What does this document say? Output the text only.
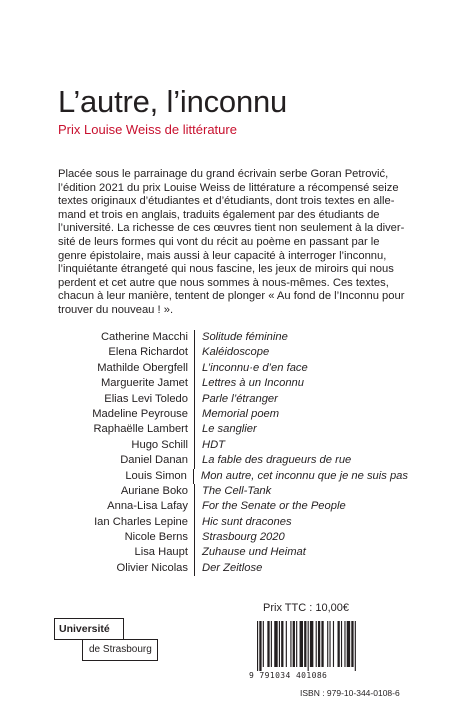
L’autre, l’inconnu
Prix Louise Weiss de littérature
Placée sous le parrainage du grand écrivain serbe Goran Petrović,
l’édition 2021 du prix Louise Weiss de littérature a récompensé seize
textes originaux d’étudiantes et d’étudiants, dont trois textes en alle-
mand et trois en anglais, traduits également par des étudiants de
l’université. La richesse de ces œuvres tient non seulement à la diver-
sité de leurs formes qui vont du récit au poème en passant par le
genre épistolaire, mais aussi à leur capacité à interroger l’inconnu,
l’inquiétante étrangeté qui nous fascine, les jeux de miroirs qui nous
perdent et cet autre que nous sommes à nous-mêmes. Ces textes,
chacun à leur manière, tentent de plonger « Au fond de l’Inconnu pour
trouver du nouveau ! ».
Catherine Macchi	Solitude féminine
Elena Richardot	Kaléidoscope
Mathilde Obergfell	L’inconnu·e d’en face
Marguerite Jamet	Lettres à un Inconnu
Elias Levi Toledo	Parle l’étranger
Madeline Peyrouse	Memorial poem
Raphaëlle Lambert	Le sanglier
Hugo Schill	HDT
Daniel Danan	La fable des dragueurs de rue
Louis Simon	Mon autre, cet inconnu que je ne suis pas
Auriane Boko	The Cell-Tank
Anna-Lisa Lafay	For the Senate or the People
Ian Charles Lepine	Hic sunt dracones
Nicole Berns	Strasbourg 2020
Lisa Haupt	Zuhause und Heimat
Olivier Nicolas	Der Zeitlose
Université
de Strasbourg
Prix TTC : 10,00€
9 791034 401086
ISBN : 979-10-344-0108-6
